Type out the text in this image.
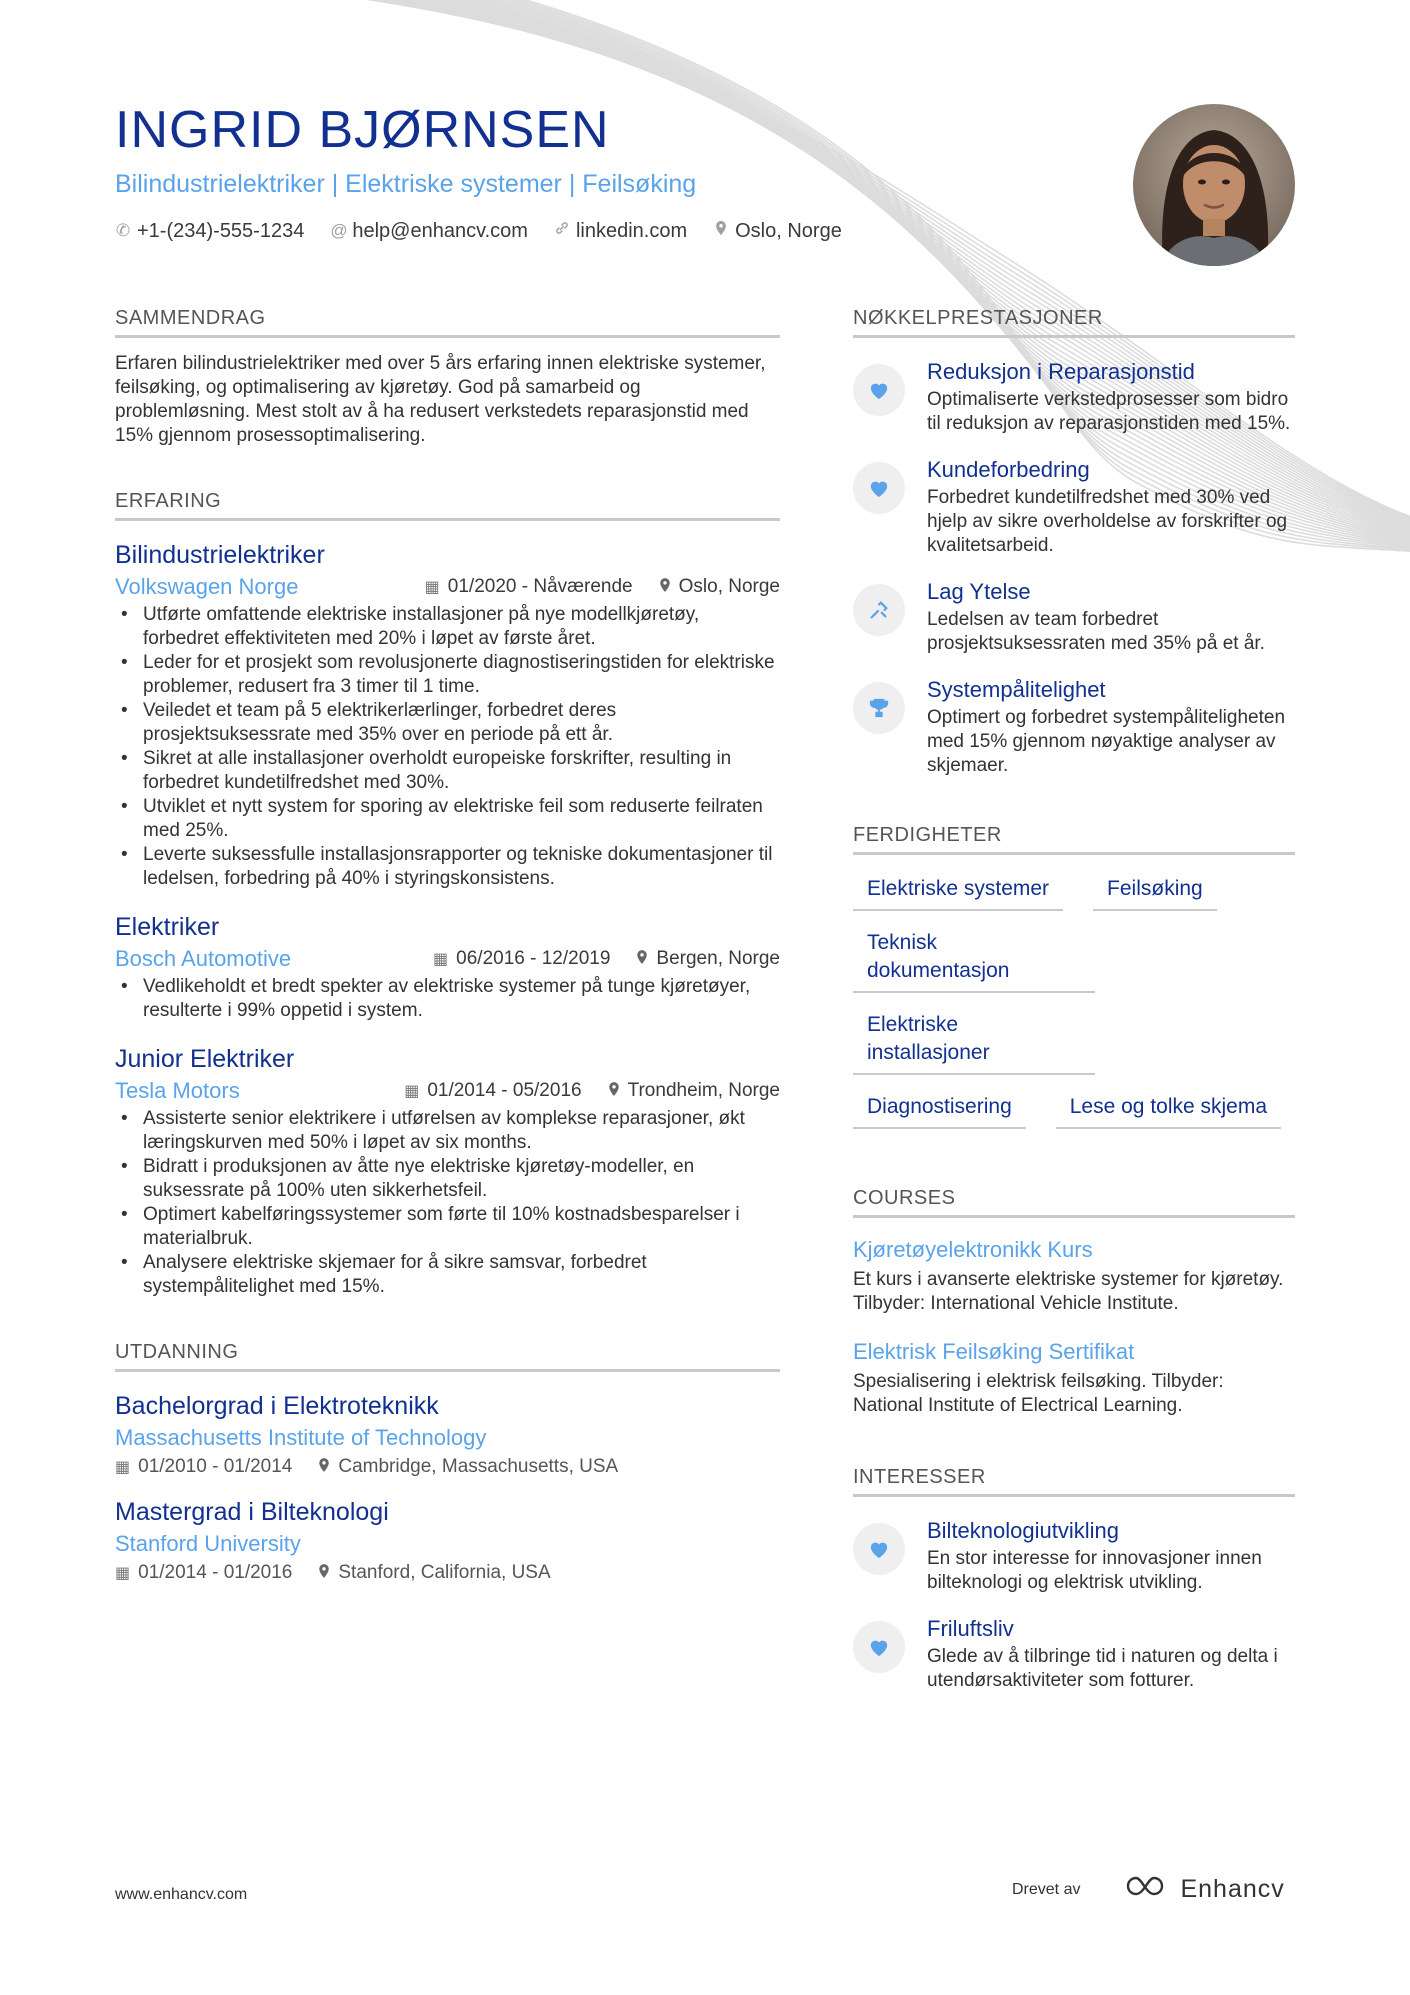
INGRID BJØRNSEN
Bilindustrielektriker | Elektriske systemer | Feilsøking
✆ +1-(234)-555-1234 @ help@enhancv.com linkedin.com Oslo, Norge
SAMMENDRAG

Erfaren bilindustrielektriker med over 5 års erfaring innen elektriske systemer, feilsøking, og optimalisering av kjøretøy. God på samarbeid og problemløsning. Mest stolt av å ha redusert verkstedets reparasjonstid med 15% gjennom prosessoptimalisering.

ERFARING
Bilindustrielektriker
Volkswagen Norge	▦ 01/2020 - Nåværende Oslo, Norge
• Utførte omfattende elektriske installasjoner på nye modellkjøretøy, forbedret effektiviteten med 20% i løpet av første året.
• Leder for et prosjekt som revolusjonerte diagnostiseringstiden for elektriske problemer, redusert fra 3 timer til 1 time.
• Veiledet et team på 5 elektrikerlærlinger, forbedret deres prosjektsuksessrate med 35% over en periode på ett år.
• Sikret at alle installasjoner overholdt europeiske forskrifter, resulting in forbedret kundetilfredshet med 30%.
• Utviklet et nytt system for sporing av elektriske feil som reduserte feilraten med 25%.
• Leverte suksessfulle installasjonsrapporter og tekniske dokumentasjoner til ledelsen, forbedring på 40% i styringskonsistens.
Elektriker
Bosch Automotive	▦ 06/2016 - 12/2019 Bergen, Norge
• Vedlikeholdt et bredt spekter av elektriske systemer på tunge kjøretøyer, resulterte i 99% oppetid i system.
Junior Elektriker
Tesla Motors	▦ 01/2014 - 05/2016 Trondheim, Norge
• Assisterte senior elektrikere i utførelsen av komplekse reparasjoner, økt læringskurven med 50% i løpet av six months.
• Bidratt i produksjonen av åtte nye elektriske kjøretøy-modeller, en suksessrate på 100% uten sikkerhetsfeil.
• Optimert kabelføringssystemer som førte til 10% kostnadsbesparelser i materialbruk.
• Analysere elektriske skjemaer for å sikre samsvar, forbedret systempålitelighet med 15%.
UTDANNING
Bachelorgrad i Elektroteknikk
Massachusetts Institute of Technology
▦ 01/2010 - 01/2014 Cambridge, Massachusetts, USA
Mastergrad i Bilteknologi
Stanford University
▦ 01/2014 - 01/2016 Stanford, California, USA
NØKKELPRESTASJONER
Reduksjon i Reparasjonstid
Optimaliserte verkstedprosesser som bidro til reduksjon av reparasjonstiden med 15%.
Kundeforbedring
Forbedret kundetilfredshet med 30% ved hjelp av sikre overholdelse av forskrifter og kvalitetsarbeid.
Lag Ytelse
Ledelsen av team forbedret prosjektsuksessraten med 35% på et år.
Systempålitelighet
Optimert og forbedret systempåliteligheten med 15% gjennom nøyaktige analyser av skjemaer.
FERDIGHETER
Elektriske systemer	Feilsøking
Teknisk dokumentasjon
Elektriske installasjoner
Diagnostisering	Lese og tolke skjema
COURSES
Kjøretøyelektronikk Kurs
Et kurs i avanserte elektriske systemer for kjøretøy. Tilbyder: International Vehicle Institute.
Elektrisk Feilsøking Sertifikat
Spesialisering i elektrisk feilsøking. Tilbyder: National Institute of Electrical Learning.
INTERESSER
Bilteknologiutvikling
En stor interesse for innovasjoner innen bilteknologi og elektrisk utvikling.
Friluftsliv
Glede av å tilbringe tid i naturen og delta i utendørsaktiviteter som fotturer.
www.enhancv.com	Drevet av	Enhancv
